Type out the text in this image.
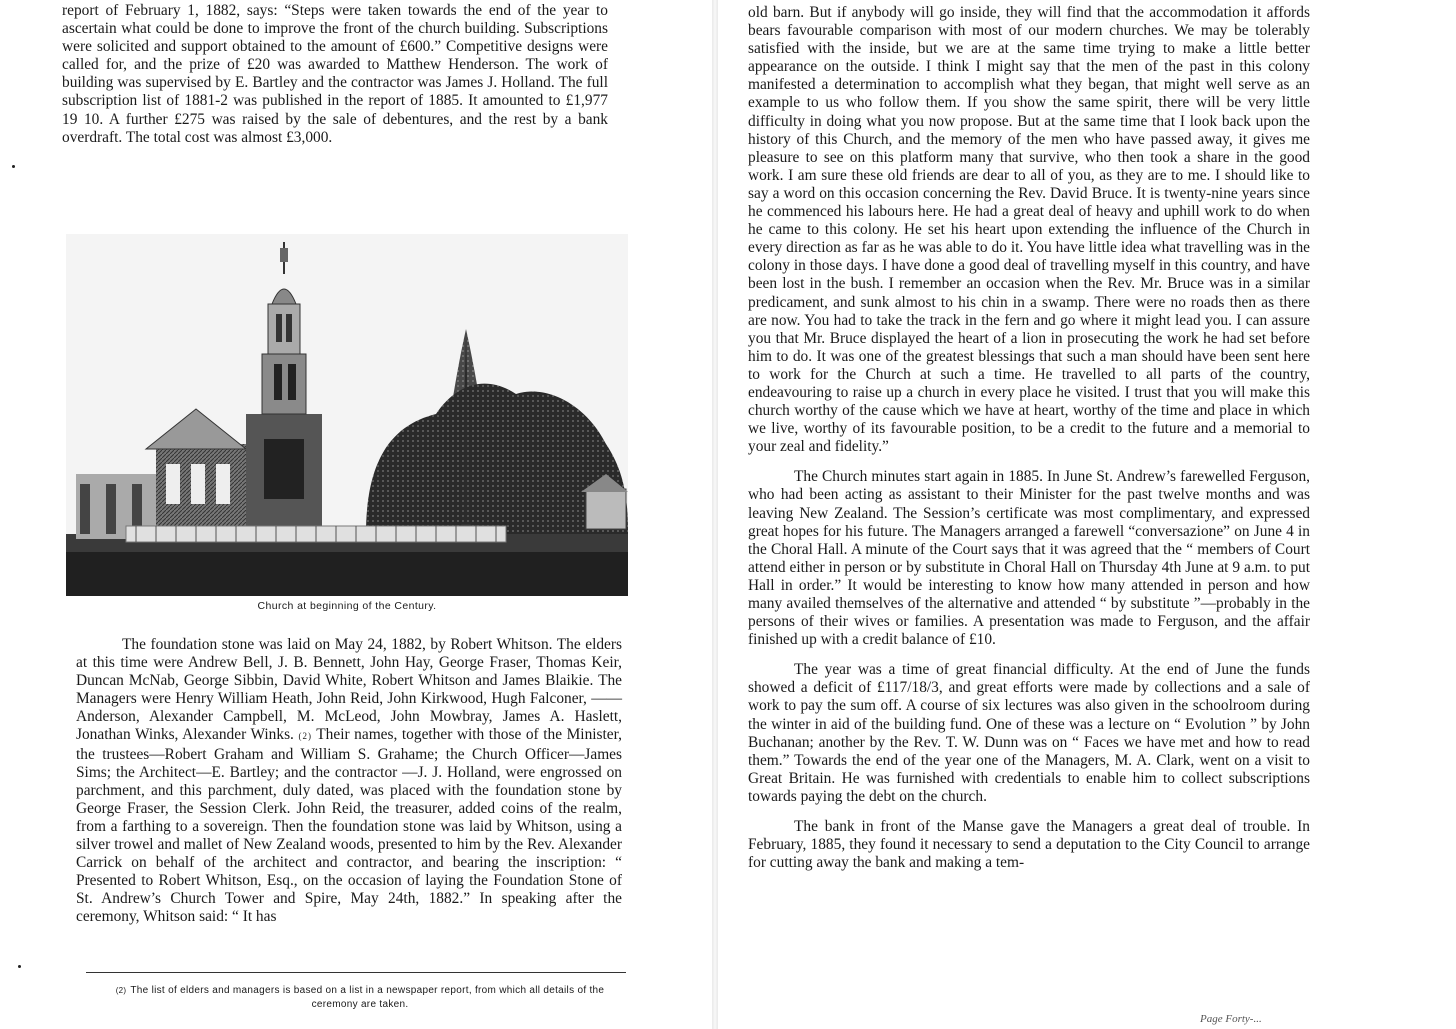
report of February 1, 1882, says: “Steps were taken towards the end of the year to ascertain what could be done to improve the front of the church building. Subscriptions were solicited and support obtained to the amount of £600.” Competitive designs were called for, and the prize of £20 was awarded to Matthew Henderson. The work of building was supervised by E. Bartley and the contractor was James J. Holland. The full subscription list of 1881-2 was published in the report of 1885. It amounted to £1,977 19 10. A further £275 was raised by the sale of debentures, and the rest by a bank overdraft. The total cost was almost £3,000.

Church at beginning of the Century.

The foundation stone was laid on May 24, 1882, by Robert Whitson. The elders at this time were Andrew Bell, J. B. Bennett, John Hay, George Fraser, Thomas Keir, Duncan McNab, George Sibbin, David White, Robert Whitson and James Blaikie. The Managers were Henry William Heath, John Reid, John Kirkwood, Hugh Falconer, —— Anderson, Alexander Campbell, M. McLeod, John Mowbray, James A. Haslett, Jonathan Winks, Alexander Winks. (2) Their names, together with those of the Minister, the trustees—Robert Graham and William S. Grahame; the Church Officer—James Sims; the Architect—E. Bartley; and the contractor —J. J. Holland, were engrossed on parchment, and this parchment, duly dated, was placed with the foundation stone by George Fraser, the Session Clerk. John Reid, the treasurer, added coins of the realm, from a farthing to a sovereign. Then the foundation stone was laid by Whitson, using a silver trowel and mallet of New Zealand woods, presented to him by the Rev. Alexander Carrick on behalf of the architect and contractor, and bearing the inscription: “ Presented to Robert Whitson, Esq., on the occasion of laying the Foundation Stone of St. Andrew’s Church Tower and Spire, May 24th, 1882.” In speaking after the ceremony, Whitson said: “ It has

(2) The list of elders and managers is based on a list in a newspaper report, from which all details of the ceremony are taken.

old barn. But if anybody will go inside, they will find that the accommodation it affords bears favourable comparison with most of our modern churches. We may be tolerably satisfied with the inside, but we are at the same time trying to make a little better appearance on the outside. I think I might say that the men of the past in this colony manifested a determination to accomplish what they began, that might well serve as an example to us who follow them. If you show the same spirit, there will be very little difficulty in doing what you now propose. But at the same time that I look back upon the history of this Church, and the memory of the men who have passed away, it gives me pleasure to see on this platform many that survive, who then took a share in the good work. I am sure these old friends are dear to all of you, as they are to me. I should like to say a word on this occasion concerning the Rev. David Bruce. It is twenty-nine years since he commenced his labours here. He had a great deal of heavy and uphill work to do when he came to this colony. He set his heart upon extending the influence of the Church in every direction as far as he was able to do it. You have little idea what travelling was in the colony in those days. I have done a good deal of travelling myself in this country, and have been lost in the bush. I remember an occasion when the Rev. Mr. Bruce was in a similar predicament, and sunk almost to his chin in a swamp. There were no roads then as there are now. You had to take the track in the fern and go where it might lead you. I can assure you that Mr. Bruce displayed the heart of a lion in prosecuting the work he had set before him to do. It was one of the greatest blessings that such a man should have been sent here to work for the Church at such a time. He travelled to all parts of the country, endeavouring to raise up a church in every place he visited. I trust that you will make this church worthy of the cause which we have at heart, worthy of the time and place in which we live, worthy of its favourable position, to be a credit to the future and a memorial to your zeal and fidelity.”

The Church minutes start again in 1885. In June St. Andrew’s farewelled Ferguson, who had been acting as assistant to their Minister for the past twelve months and was leaving New Zealand. The Session’s certificate was most complimentary, and expressed great hopes for his future. The Managers arranged a farewell “conversazione” on June 4 in the Choral Hall. A minute of the Court says that it was agreed that the “ members of Court attend either in person or by substitute in Choral Hall on Thursday 4th June at 9 a.m. to put Hall in order.” It would be interesting to know how many attended in person and how many availed themselves of the alternative and attended “ by substitute ”—probably in the persons of their wives or families. A presentation was made to Ferguson, and the affair finished up with a credit balance of £10.

The year was a time of great financial difficulty. At the end of June the funds showed a deficit of £117/18/3, and great efforts were made by collections and a sale of work to pay the sum off. A course of six lectures was also given in the schoolroom during the winter in aid of the building fund. One of these was a lecture on “ Evolution ” by John Buchanan; another by the Rev. T. W. Dunn was on “ Faces we have met and how to read them.” Towards the end of the year one of the Managers, M. A. Clark, went on a visit to Great Britain. He was furnished with credentials to enable him to collect subscriptions towards paying the debt on the church.

The bank in front of the Manse gave the Managers a great deal of trouble. In February, 1885, they found it necessary to send a deputation to the City Council to arrange for cutting away the bank and making a tem-

Page Forty-...
